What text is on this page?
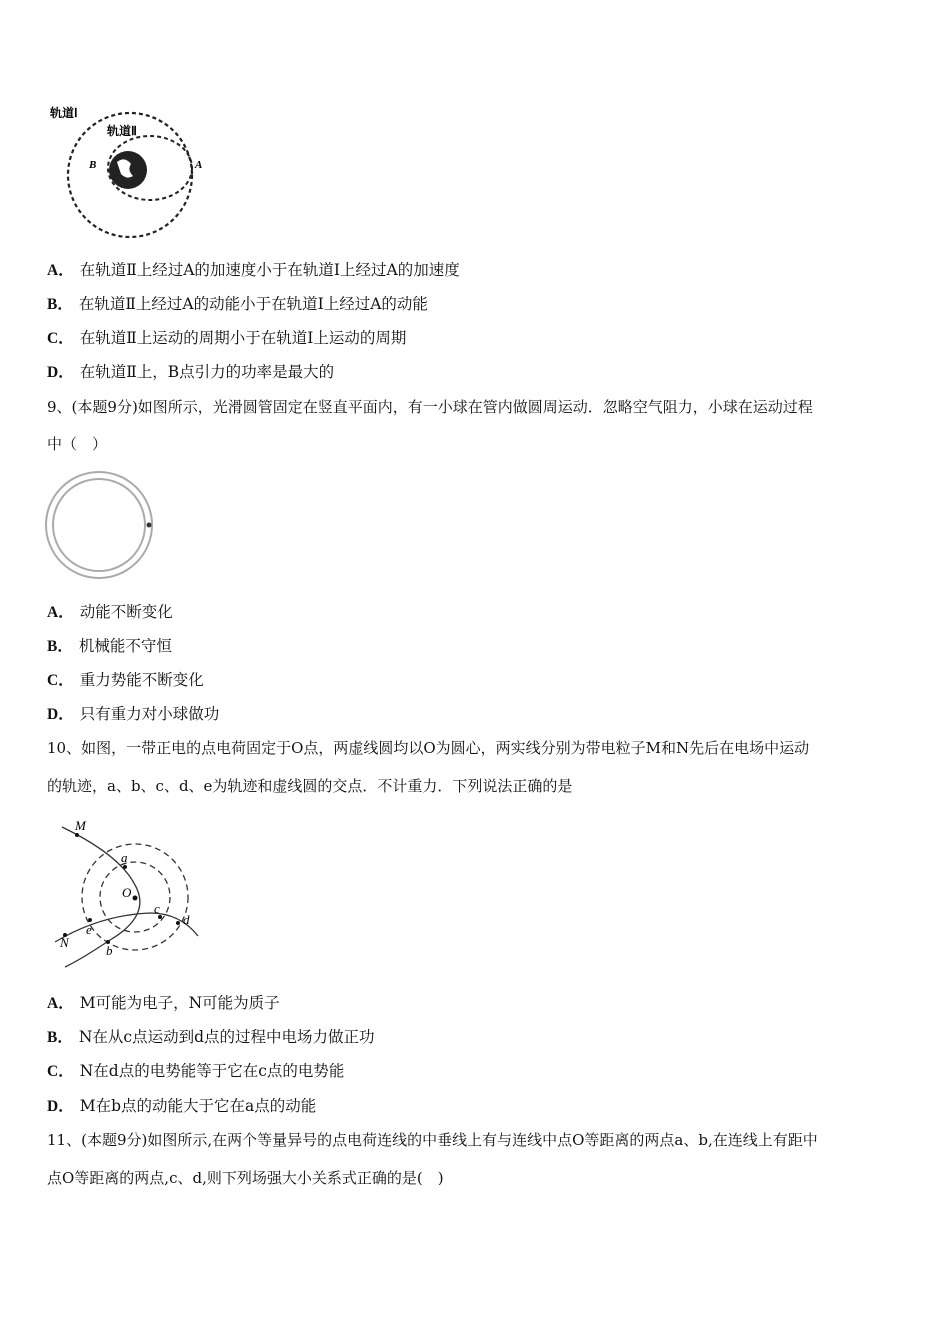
轨道Ⅰ
轨道Ⅱ
A
B
A． 在轨道Ⅱ上经过A的加速度小于在轨道Ⅰ上经过A的加速度
B． 在轨道Ⅱ上经过A的动能小于在轨道Ⅰ上经过A的动能
C． 在轨道Ⅱ上运动的周期小于在轨道Ⅰ上运动的周期
D． 在轨道Ⅱ上，B点引力的功率是最大的
9、(本题9分)如图所示，光滑圆管固定在竖直平面内，有一小球在管内做圆周运动．忽略空气阻力，小球在运动过程
中（　）
A． 动能不断变化
B． 机械能不守恒
C． 重力势能不断变化
D． 只有重力对小球做功
10、如图，一带正电的点电荷固定于O点，两虚线圆均以O为圆心，两实线分别为带电粒子M和N先后在电场中运动
的轨迹，a、b、c、d、e为轨迹和虚线圆的交点．不计重力．下列说法正确的是
M
N
O
a
b
c
d
e
A． M可能为电子，N可能为质子
B． N在从c点运动到d点的过程中电场力做正功
C． N在d点的电势能等于它在c点的电势能
D． M在b点的动能大于它在a点的动能
11、(本题9分)如图所示,在两个等量异号的点电荷连线的中垂线上有与连线中点O等距离的两点a、b,在连线上有距中
点O等距离的两点,c、d,则下列场强大小关系式正确的是(　)
